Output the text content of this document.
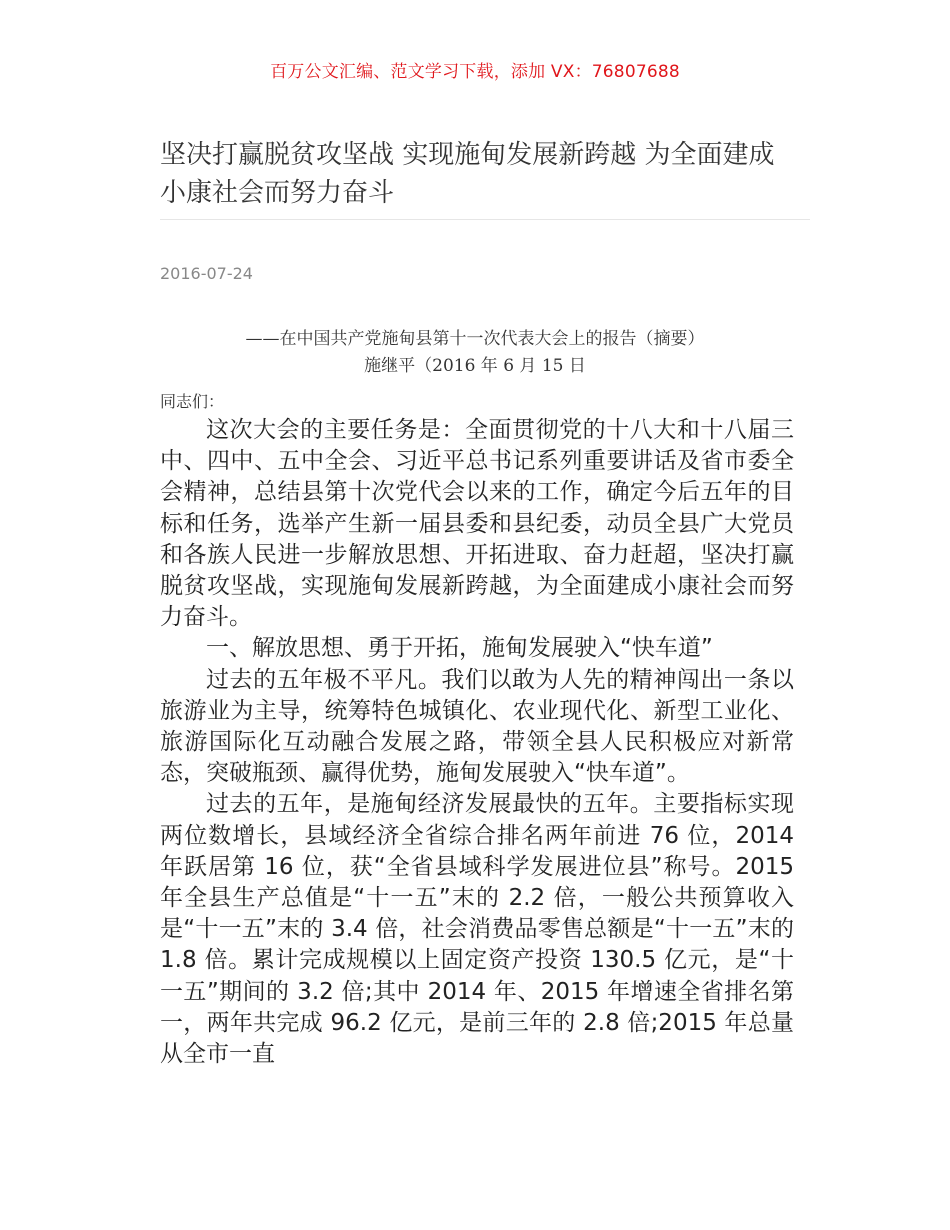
百万公文汇编、范文学习下载，添加 VX：76807688
坚决打赢脱贫攻坚战 实现施甸发展新跨越 为全面建成小康社会而努力奋斗
2016-07-24
——在中国共产党施甸县第十一次代表大会上的报告（摘要）
施继平（2016 年 6 月 15 日
同志们：

这次大会的主要任务是：全面贯彻党的十八大和十八届三中、四中、五中全会、习近平总书记系列重要讲话及省市委全会精神，总结县第十次党代会以来的工作，确定今后五年的目标和任务，选举产生新一届县委和县纪委，动员全县广大党员和各族人民进一步解放思想、开拓进取、奋力赶超，坚决打赢脱贫攻坚战，实现施甸发展新跨越，为全面建成小康社会而努力奋斗。

一、解放思想、勇于开拓，施甸发展驶入“快车道”

过去的五年极不平凡。我们以敢为人先的精神闯出一条以旅游业为主导，统筹特色城镇化、农业现代化、新型工业化、旅游国际化互动融合发展之路，带领全县人民积极应对新常态，突破瓶颈、赢得优势，施甸发展驶入“快车道”。

过去的五年，是施甸经济发展最快的五年。主要指标实现两位数增长，县域经济全省综合排名两年前进 76 位，2014 年跃居第 16 位，获“全省县域科学发展进位县”称号。2015 年全县生产总值是“十一五”末的 2.2 倍，一般公共预算收入是“十一五”末的 3.4 倍，社会消费品零售总额是“十一五”末的 1.8 倍。累计完成规模以上固定资产投资 130.5 亿元，是“十一五”期间的 3.2 倍;其中 2014 年、2015 年增速全省排名第一，两年共完成 96.2 亿元，是前三年的 2.8 倍;2015 年总量从全市一直
